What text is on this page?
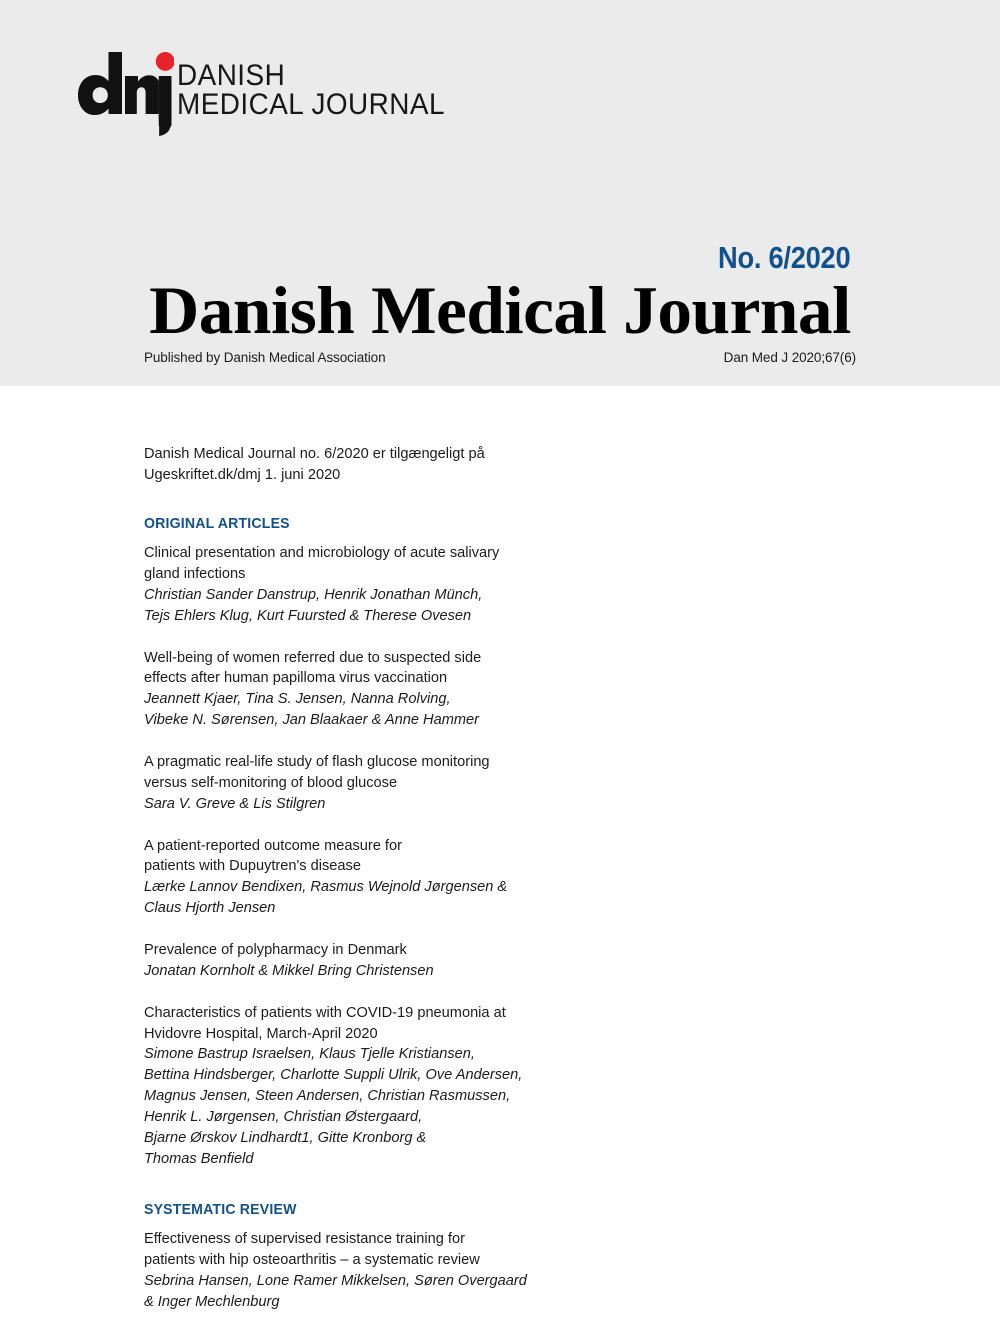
DANISH
MEDICAL JOURNAL
No. 6/2020
Danish Medical Journal
Published by Danish Medical Association	Dan Med J 2020;67(6)
Danish Medical Journal no. 6/2020 er tilgængeligt på
Ugeskriftet.dk/dmj 1. juni 2020
ORIGINAL ARTICLES
Clinical presentation and microbiology of acute salivary
gland infections
Christian Sander Danstrup, Henrik Jonathan Münch,
Tejs Ehlers Klug, Kurt Fuursted & Therese Ovesen
Well-being of women referred due to suspected side
effects after human papilloma virus vaccination
Jeannett Kjaer, Tina S. Jensen, Nanna Rolving,
Vibeke N. Sørensen, Jan Blaakaer & Anne Hammer
A pragmatic real-life study of flash glucose monitoring
versus self-monitoring of blood glucose
Sara V. Greve & Lis Stilgren
A patient-reported outcome measure for
patients with Dupuytren's disease
Lærke Lannov Bendixen, Rasmus Wejnold Jørgensen &
Claus Hjorth Jensen
Prevalence of polypharmacy in Denmark
Jonatan Kornholt & Mikkel Bring Christensen
Characteristics of patients with COVID-19 pneumonia at
Hvidovre Hospital, March-April 2020
Simone Bastrup Israelsen, Klaus Tjelle Kristiansen,
Bettina Hindsberger, Charlotte Suppli Ulrik, Ove Andersen,
Magnus Jensen, Steen Andersen, Christian Rasmussen,
Henrik L. Jørgensen, Christian Østergaard,
Bjarne Ørskov Lindhardt1, Gitte Kronborg &
Thomas Benfield
SYSTEMATIC REVIEW
Effectiveness of supervised resistance training for
patients with hip osteoarthritis – a systematic review
Sebrina Hansen, Lone Ramer Mikkelsen, Søren Overgaard
& Inger Mechlenburg
